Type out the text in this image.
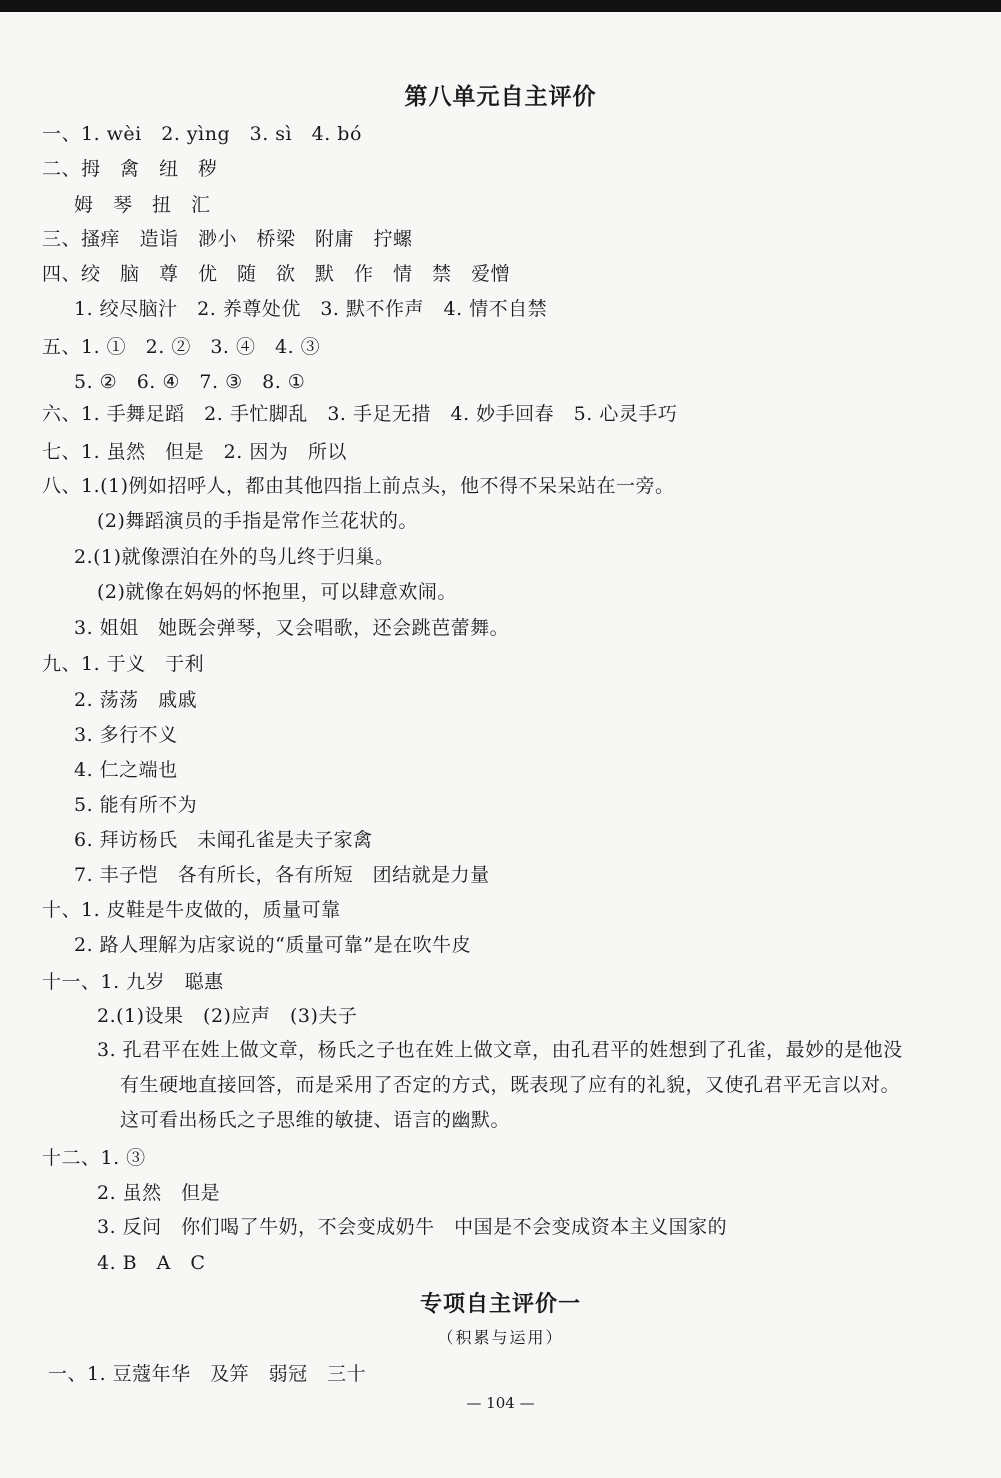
第八单元自主评价
一、1. wèi　2. yìng　3. sì　4. bó
二、拇　禽　纽　秽
姆　琴　扭　汇
三、搔痒　造诣　渺小　桥梁　附庸　拧螺
四、绞　脑　尊　优　随　欲　默　作　情　禁　爱憎
1. 绞尽脑汁　2. 养尊处优　3. 默不作声　4. 情不自禁
五、1. ①　2. ②　3. ④　4. ③
5. ②　6. ④　7. ③　8. ①
六、1. 手舞足蹈　2. 手忙脚乱　3. 手足无措　4. 妙手回春　5. 心灵手巧
七、1. 虽然　但是　2. 因为　所以
八、1.(1)例如招呼人，都由其他四指上前点头，他不得不呆呆站在一旁。
(2)舞蹈演员的手指是常作兰花状的。
2.(1)就像漂泊在外的鸟儿终于归巢。
(2)就像在妈妈的怀抱里，可以肆意欢闹。
3. 姐姐　她既会弹琴，又会唱歌，还会跳芭蕾舞。
九、1. 于义　于利
2. 荡荡　戚戚
3. 多行不义
4. 仁之端也
5. 能有所不为
6. 拜访杨氏　未闻孔雀是夫子家禽
7. 丰子恺　各有所长，各有所短　团结就是力量
十、1. 皮鞋是牛皮做的，质量可靠
2. 路人理解为店家说的“质量可靠”是在吹牛皮
十一、1. 九岁　聪惠
2.(1)设果　(2)应声　(3)夫子
3. 孔君平在姓上做文章，杨氏之子也在姓上做文章，由孔君平的姓想到了孔雀，最妙的是他没
有生硬地直接回答，而是采用了否定的方式，既表现了应有的礼貌，又使孔君平无言以对。
这可看出杨氏之子思维的敏捷、语言的幽默。
十二、1. ③
2. 虽然　但是
3. 反问　你们喝了牛奶，不会变成奶牛　中国是不会变成资本主义国家的
4. B　A　C
专项自主评价一
（积累与运用）
一、1. 豆蔻年华　及笄　弱冠　三十
— 104 —
